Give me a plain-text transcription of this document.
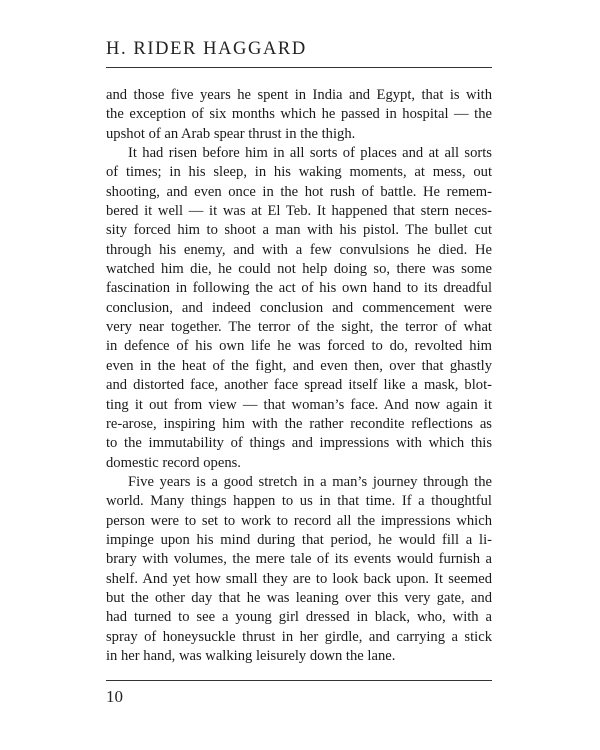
H. RIDER HAGGARD
and those five years he spent in India and Egypt, that is with
the exception of six months which he passed in hospital — the
upshot of an Arab spear thrust in the thigh.
It had risen before him in all sorts of places and at all sorts
of times; in his sleep, in his waking moments, at mess, out
shooting, and even once in the hot rush of battle. He remem-
bered it well — it was at El Teb. It happened that stern neces-
sity forced him to shoot a man with his pistol. The bullet cut
through his enemy, and with a few convulsions he died. He
watched him die, he could not help doing so, there was some
fascination in following the act of his own hand to its dreadful
conclusion, and indeed conclusion and commencement were
very near together. The terror of the sight, the terror of what
in defence of his own life he was forced to do, revolted him
even in the heat of the fight, and even then, over that ghastly
and distorted face, another face spread itself like a mask, blot-
ting it out from view — that woman’s face. And now again it
re-arose, inspiring him with the rather recondite reflections as
to the immutability of things and impressions with which this
domestic record opens.
Five years is a good stretch in a man’s journey through the
world. Many things happen to us in that time. If a thoughtful
person were to set to work to record all the impressions which
impinge upon his mind during that period, he would fill a li-
brary with volumes, the mere tale of its events would furnish a
shelf. And yet how small they are to look back upon. It seemed
but the other day that he was leaning over this very gate, and
had turned to see a young girl dressed in black, who, with a
spray of honeysuckle thrust in her girdle, and carrying a stick
in her hand, was walking leisurely down the lane.
10
